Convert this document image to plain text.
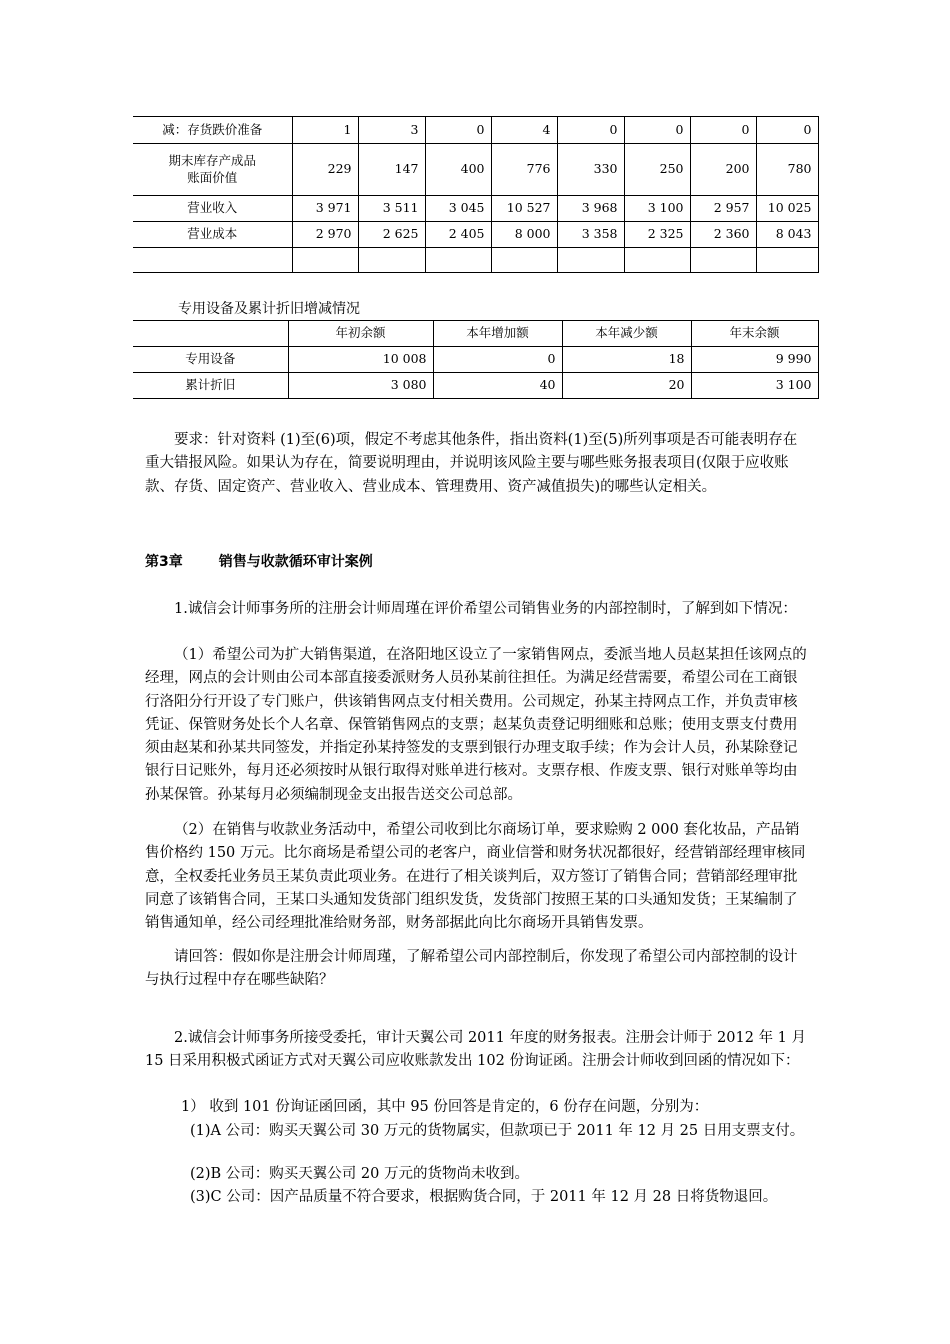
减：存货跌价准备	1	3	0	4	0	0	0	0

期末库存产成品
账面价值	229	147	400	776	330	250	200	780
营业收入	3 971	3 511	3 045	10 527	3 968	3 100	2 957	10 025
营业成本	2 970	2 625	2 405	8 000	3 358	2 325	2 360	8 043

专用设备及累计折旧增减情况
	年初余额	本年增加额	本年减少额	年末余额
专用设备	10 008	0	18	9 990
累计折旧	3 080	40	20	3 100

要求：针对资料 (1)至(6)项，假定不考虑其他条件，指出资料(1)至(5)所列事项是否可能表明存在重大错报风险。如果认为存在，简要说明理由，并说明该风险主要与哪些账务报表项目(仅限于应收账款、存货、固定资产、营业收入、营业成本、管理费用、资产减值损失)的哪些认定相关。

第3章	销售与收款循环审计案例

1.诚信会计师事务所的注册会计师周瑾在评价希望公司销售业务的内部控制时，了解到如下情况：

（1）希望公司为扩大销售渠道，在洛阳地区设立了一家销售网点，委派当地人员赵某担任该网点的经理，网点的会计则由公司本部直接委派财务人员孙某前往担任。为满足经营需要，希望公司在工商银行洛阳分行开设了专门账户，供该销售网点支付相关费用。公司规定，孙某主持网点工作，并负责审核凭证、保管财务处长个人名章、保管销售网点的支票；赵某负责登记明细账和总账；使用支票支付费用须由赵某和孙某共同签发，并指定孙某持签发的支票到银行办理支取手续；作为会计人员，孙某除登记银行日记账外，每月还必须按时从银行取得对账单进行核对。支票存根、作废支票、银行对账单等均由孙某保管。孙某每月必须编制现金支出报告送交公司总部。

（2）在销售与收款业务活动中，希望公司收到比尔商场订单，要求赊购 2 000 套化妆品，产品销售价格约 150 万元。比尔商场是希望公司的老客户，商业信誉和财务状况都很好，经营销部经理审核同意，全权委托业务员王某负责此项业务。在进行了相关谈判后，双方签订了销售合同；营销部经理审批同意了该销售合同，王某口头通知发货部门组织发货，发货部门按照王某的口头通知发货；王某编制了销售通知单，经公司经理批准给财务部，财务部据此向比尔商场开具销售发票。

请回答：假如你是注册会计师周瑾，了解希望公司内部控制后，你发现了希望公司内部控制的设计与执行过程中存在哪些缺陷？

2.诚信会计师事务所接受委托，审计天翼公司 2011 年度的财务报表。注册会计师于 2012 年 1 月 15 日采用积极式函证方式对天翼公司应收账款发出 102 份询证函。注册会计师收到回函的情况如下：

1） 收到 101 份询证函回函，其中 95 份回答是肯定的，6 份存在问题，分别为：

(1)A 公司：购买天翼公司 30 万元的货物属实，但款项已于 2011 年 12 月 25 日用支票支付。

(2)B 公司：购买天翼公司 20 万元的货物尚未收到。

(3)C 公司：因产品质量不符合要求，根据购货合同，于 2011 年 12 月 28 日将货物退回。
